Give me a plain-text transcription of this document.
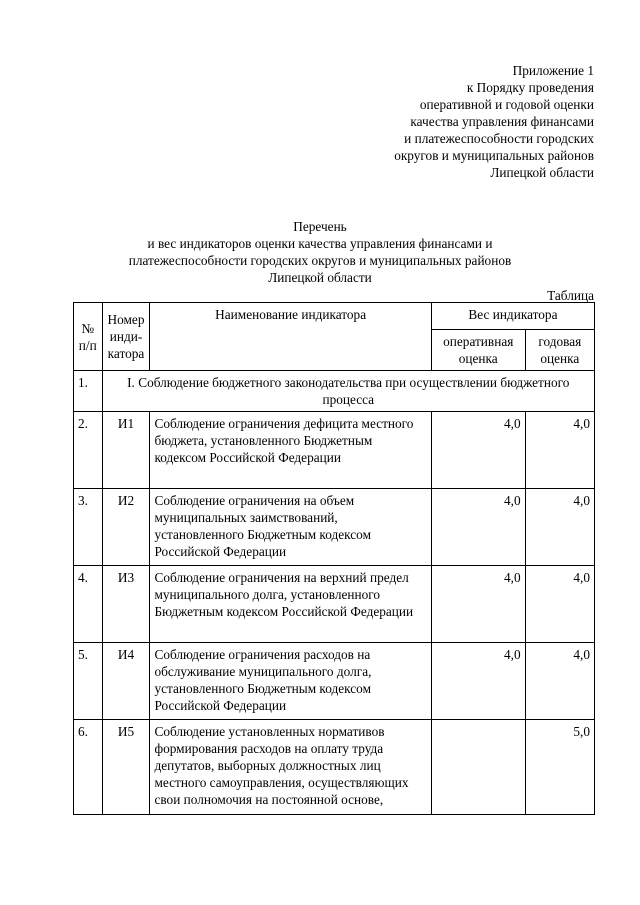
Приложение 1
к Порядку проведения
оперативной и годовой оценки
качества управления финансами
и платежеспособности городских
округов и муниципальных районов
Липецкой области
Перечень
и вес индикаторов оценки качества управления финансами и
платежеспособности городских округов и муниципальных районов
Липецкой области
Таблица
№ п/п	Номер инди- катора	Наименование индикатора	Вес индикатора	
			оперативная оценка	годовая оценка
1.	I. Соблюдение бюджетного законодательства при осуществлении бюджетного процесса			
2.	И1	Соблюдение ограничения дефицита местного бюджета, установленного Бюджетным кодексом Российской Федерации	4,0	4,0
3.	И2	Соблюдение ограничения на объем муниципальных заимствований, установленного Бюджетным кодексом Российской Федерации	4,0	4,0
4.	И3	Соблюдение ограничения на верхний предел муниципального долга, установленного Бюджетным кодексом Российской Федерации	4,0	4,0
5.	И4	Соблюдение ограничения расходов на обслуживание муниципального долга, установленного Бюджетным кодексом Российской Федерации	4,0	4,0
6.	И5	Соблюдение установленных нормативов формирования расходов на оплату труда депутатов, выборных должностных лиц местного самоуправления, осуществляющих свои полномочия на постоянной основе,		5,0
